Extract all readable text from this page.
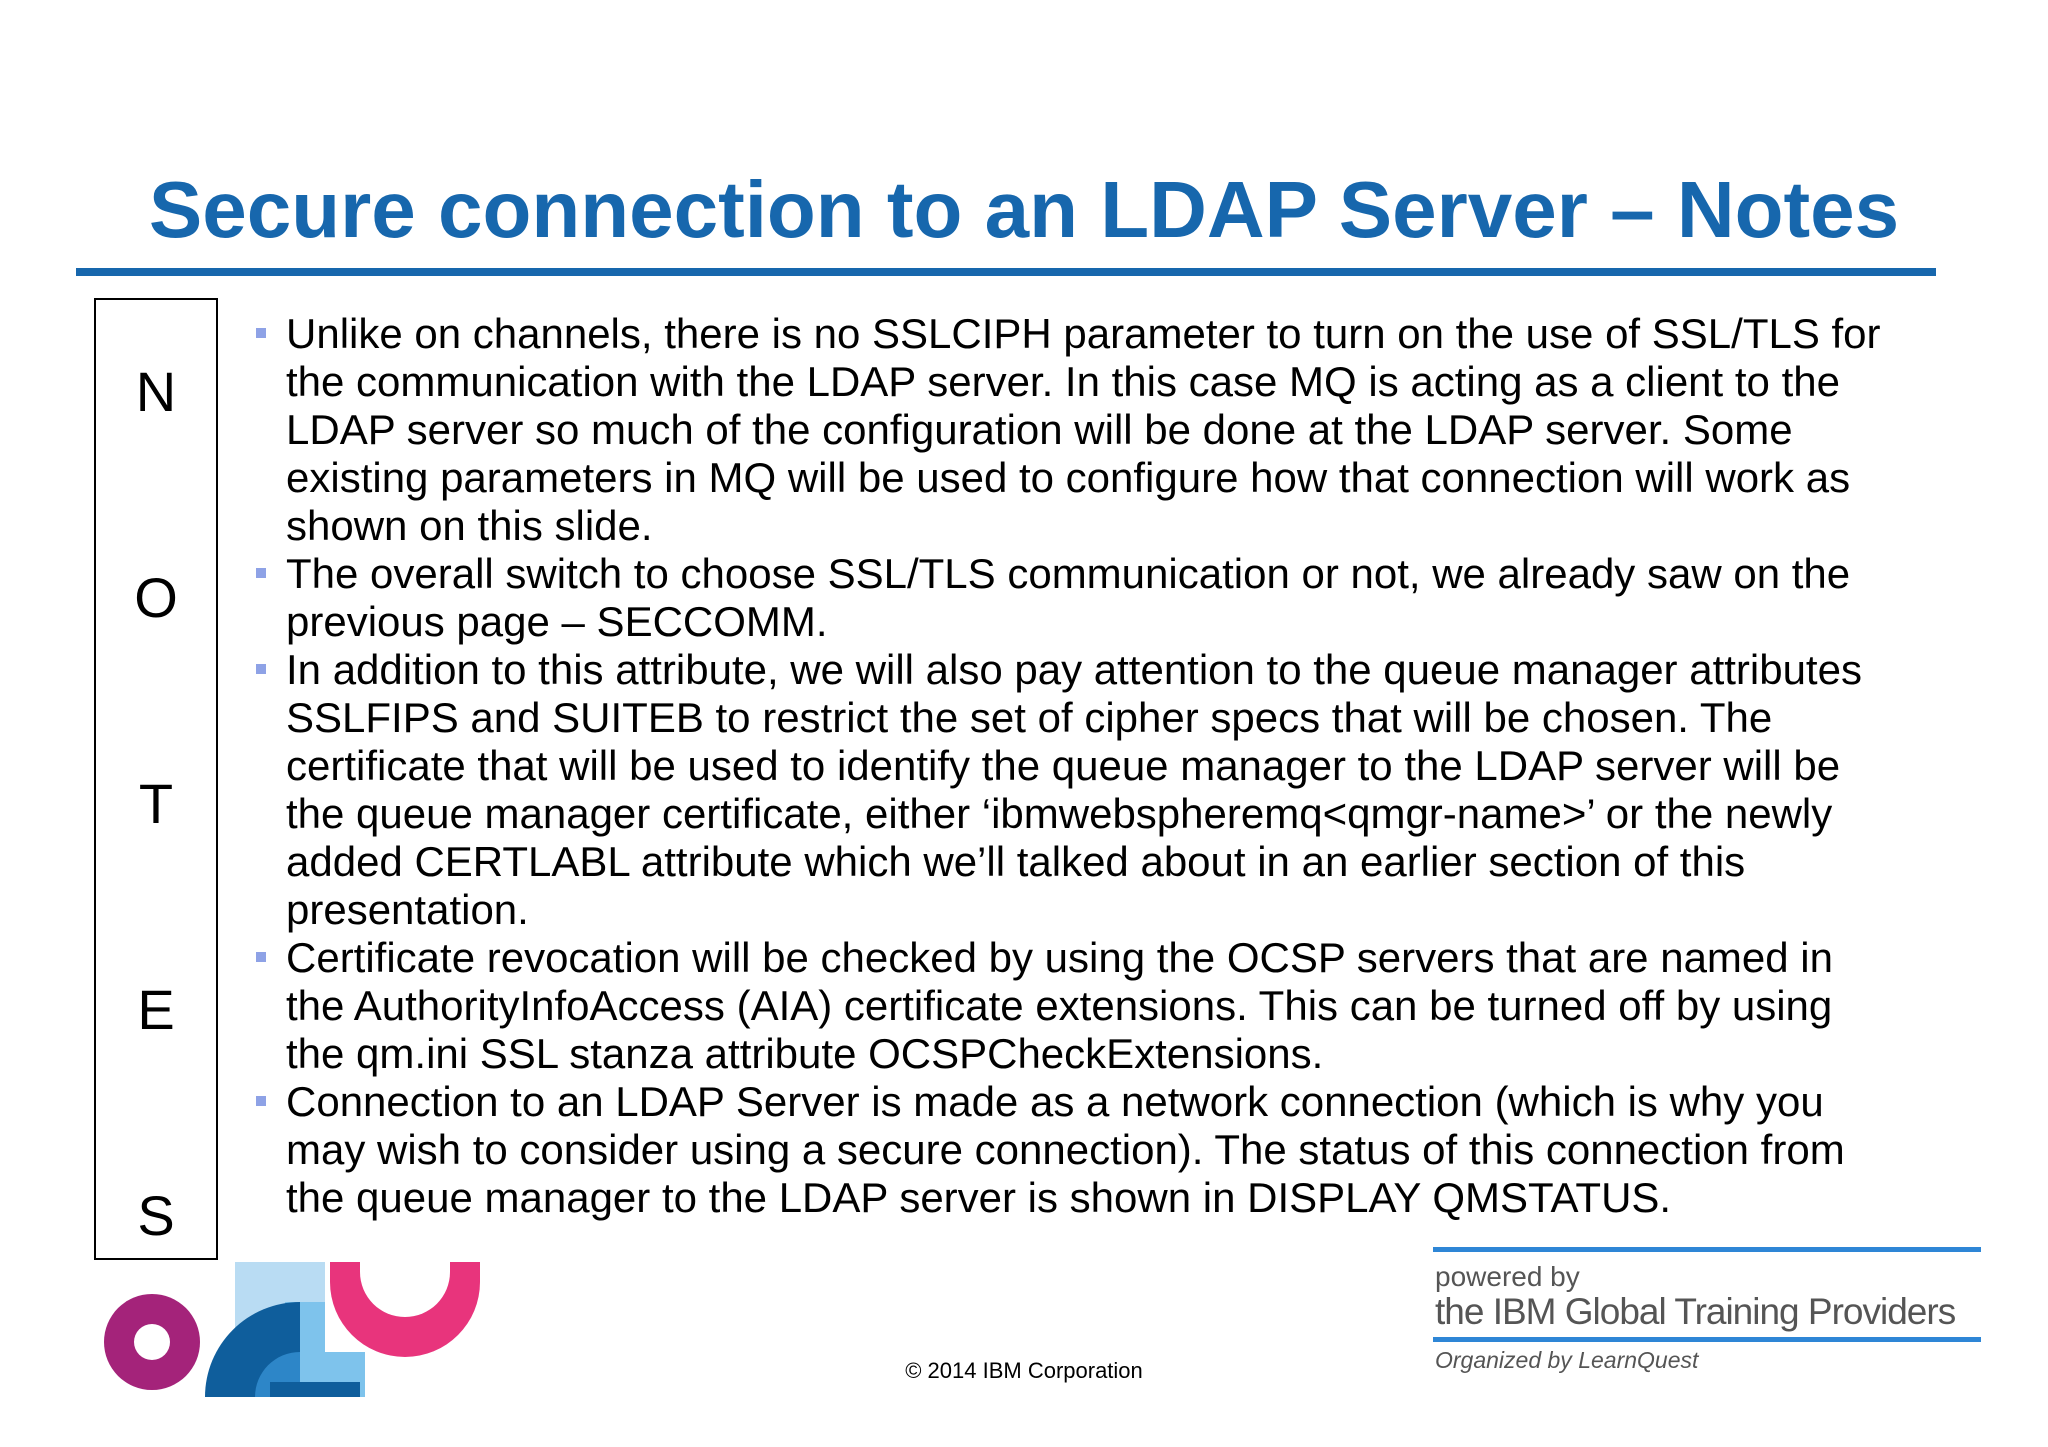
Secure connection to an LDAP Server – Notes
N
O
T
E
S
Unlike on channels, there is no SSLCIPH parameter to turn on the use of SSL/TLS for the communication with the LDAP server. In this case MQ is acting as a client to the LDAP server so much of the configuration will be done at the LDAP server. Some existing parameters in MQ will be used to configure how that connection will work as shown on this slide.
The overall switch to choose SSL/TLS communication or not, we already saw on the previous page – SECCOMM.
In addition to this attribute, we will also pay attention to the queue manager attributes SSLFIPS and SUITEB to restrict the set of cipher specs that will be chosen. The certificate that will be used to identify the queue manager to the LDAP server will be the queue manager certificate, either ‘ibmwebspheremq<qmgr-name>’ or the newly added CERTLABL attribute which we’ll talked about in an earlier section of this presentation.
Certificate revocation will be checked by using the OCSP servers that are named in the AuthorityInfoAccess (AIA) certificate extensions. This can be turned off by using the qm.ini SSL stanza attribute OCSPCheckExtensions.
Connection to an LDAP Server is made as a network connection (which is why you may wish to consider using a secure connection). The status of this connection from the queue manager to the LDAP server is shown in DISPLAY QMSTATUS.
© 2014 IBM Corporation
powered by
the IBM Global Training Providers
Organized by LearnQuest
